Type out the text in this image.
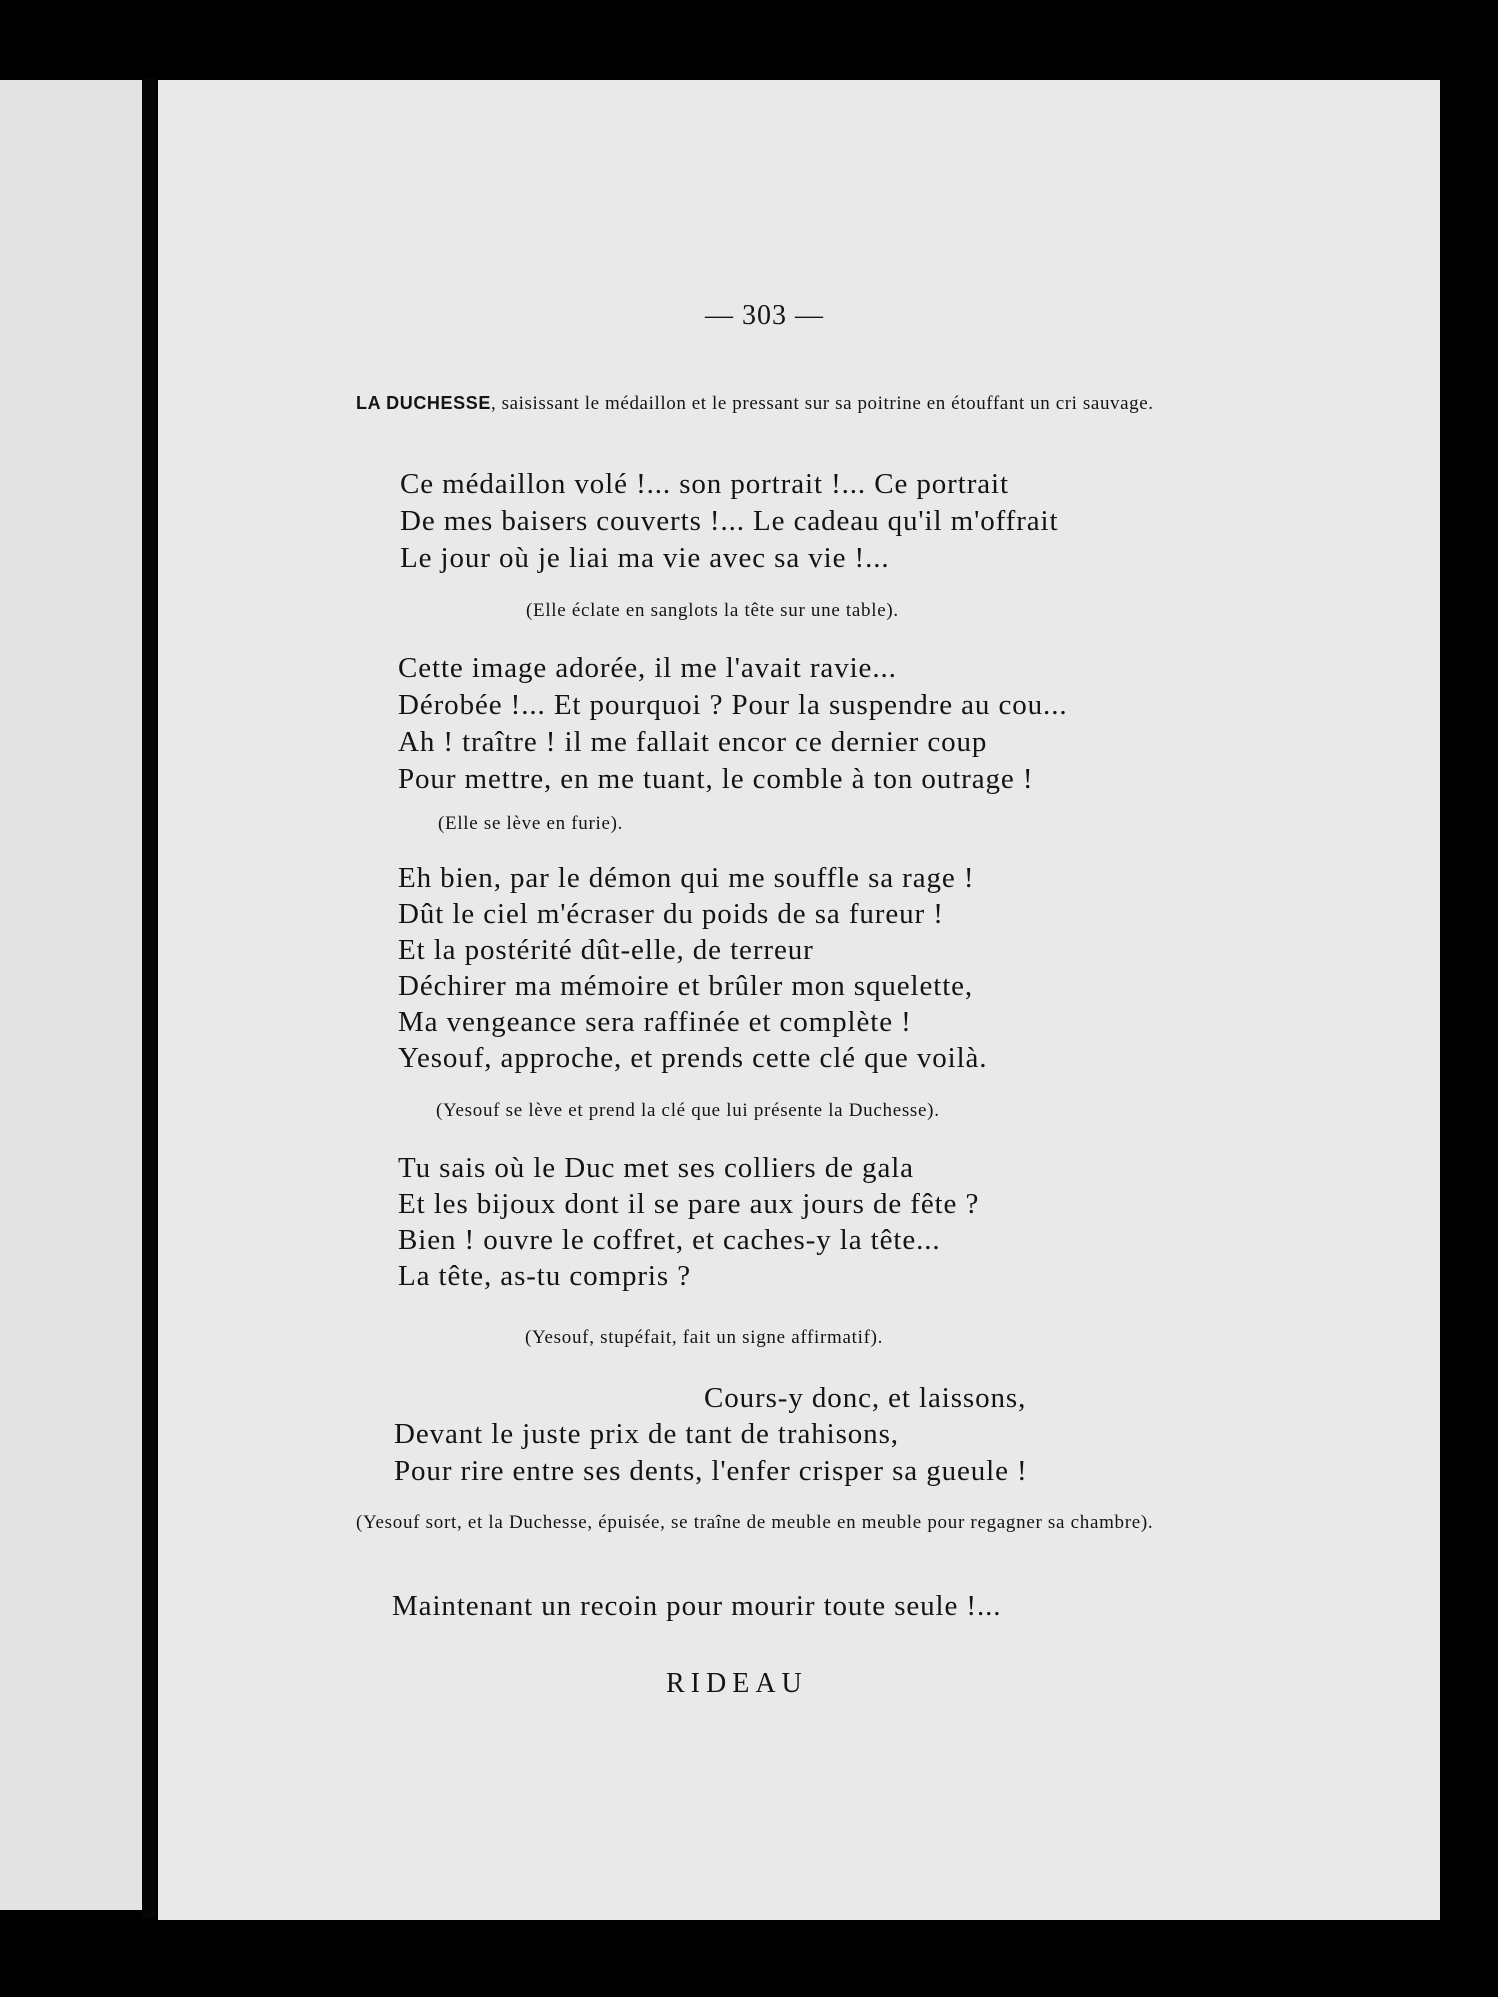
— 303 —
LA DUCHESSE, saisissant le médaillon et le pressant sur sa poitrine en étouffant un cri sauvage.
Ce médaillon volé !... son portrait !... Ce portrait
De mes baisers couverts !... Le cadeau qu'il m'offrait
Le jour où je liai ma vie avec sa vie !...
(Elle éclate en sanglots la tête sur une table).
Cette image adorée, il me l'avait ravie...
Dérobée !... Et pourquoi ? Pour la suspendre au cou...
Ah ! traître ! il me fallait encor ce dernier coup
Pour mettre, en me tuant, le comble à ton outrage !
(Elle se lève en furie).
Eh bien, par le démon qui me souffle sa rage !
Dût le ciel m'écraser du poids de sa fureur !
Et la postérité dût-elle, de terreur
Déchirer ma mémoire et brûler mon squelette,
Ma vengeance sera raffinée et complète !
Yesouf, approche, et prends cette clé que voilà.
(Yesouf se lève et prend la clé que lui présente la Duchesse).
Tu sais où le Duc met ses colliers de gala
Et les bijoux dont il se pare aux jours de fête ?
Bien ! ouvre le coffret, et caches-y la tête...
La tête, as-tu compris ?
(Yesouf, stupéfait, fait un signe affirmatif).
Cours-y donc, et laissons,
Devant le juste prix de tant de trahisons,
Pour rire entre ses dents, l'enfer crisper sa gueule !
(Yesouf sort, et la Duchesse, épuisée, se traîne de meuble en meuble pour regagner sa chambre).
Maintenant un recoin pour mourir toute seule !...
RIDEAU
